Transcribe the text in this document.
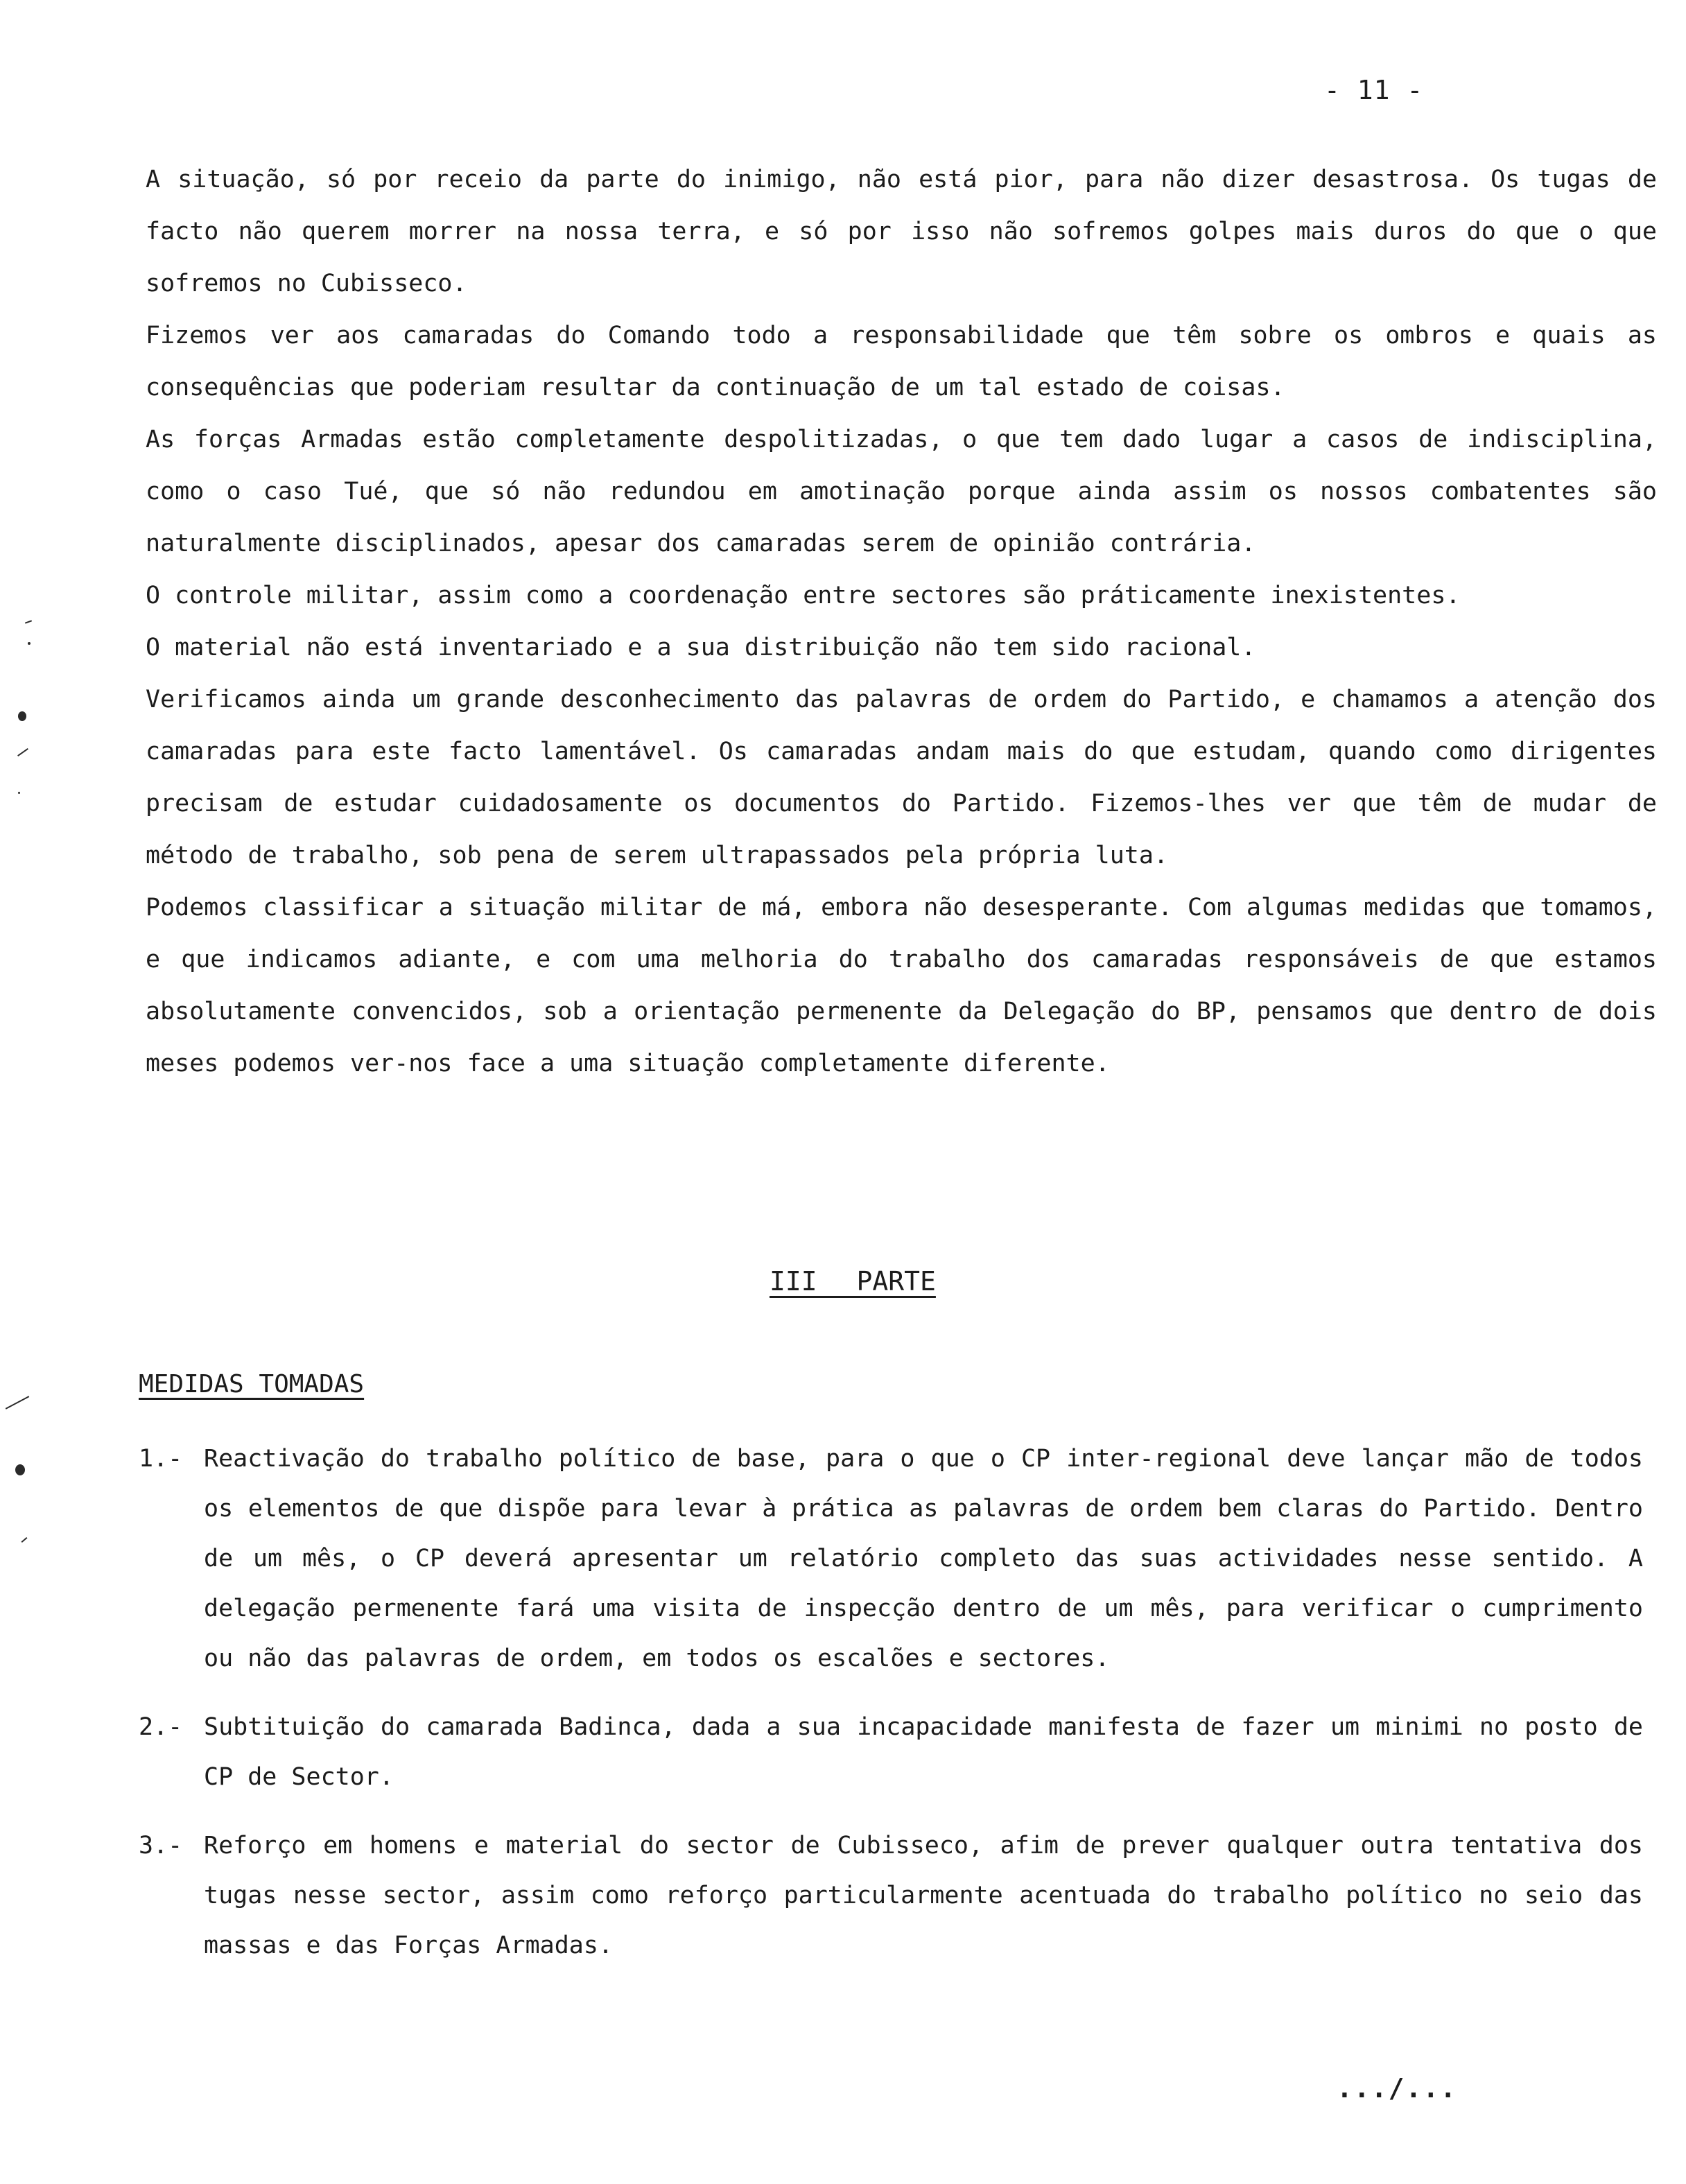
- 11 -

A situação, só por receio da parte do inimigo, não está pior, para não dizer desastrosa. Os tugas de facto não querem morrer na nossa terra, e só por isso não sofremos golpes mais duros do que o que sofremos no Cubisseco.

Fizemos ver aos camaradas do Comando todo a responsabilidade que têm sobre os ombros e quais as consequências que poderiam resultar da continuação de um tal estado de coisas.

As forças Armadas estão completamente despolitizadas, o que tem dado lugar a casos de indisciplina, como o caso Tué, que só não redundou em amotinação porque ainda assim os nossos combatentes são naturalmente disciplinados, apesar dos camaradas serem de opinião contrária.

O controle militar, assim como a coordenação entre sectores são práticamente inexistentes.

O material não está inventariado e a sua distribuição não tem sido racional.

Verificamos ainda um grande desconhecimento das palavras de ordem do Partido, e chamamos a atenção dos camaradas para este facto lamentável. Os camaradas andam mais do que estudam, quando como dirigentes precisam de estudar cuidadosamente os documentos do Partido. Fizemos-lhes ver que têm de mudar de método de trabalho, sob pena de serem ultrapassados pela própria luta.

Podemos classificar a situação militar de má, embora não desesperante. Com algumas medidas que tomamos, e que indicamos adiante, e com uma melhoria do trabalho dos camaradas responsáveis de que estamos absolutamente convencidos, sob a orientação permenente da Delegação do BP, pensamos que dentro de dois meses podemos ver-nos face a uma situação completamente diferente.

III PARTE
MEDIDAS TOMADAS
1.- Reactivação do trabalho político de base, para o que o CP inter-regional deve lançar mão de todos os elementos de que dispõe para levar à prática as palavras de ordem bem claras do Partido. Dentro de um mês, o CP deverá apresentar um relatório completo das suas actividades nesse sentido. A delegação permenente fará uma visita de inspecção dentro de um mês, para verificar o cumprimento ou não das palavras de ordem, em todos os escalões e sectores.
2.- Subtituição do camarada Badinca, dada a sua incapacidade manifesta de fazer um minimi no posto de CP de Sector.
3.- Reforço em homens e material do sector de Cubisseco, afim de prever qualquer outra tentativa dos tugas nesse sector, assim como reforço particularmente acentuada do trabalho político no seio das massas e das Forças Armadas.
.../...
